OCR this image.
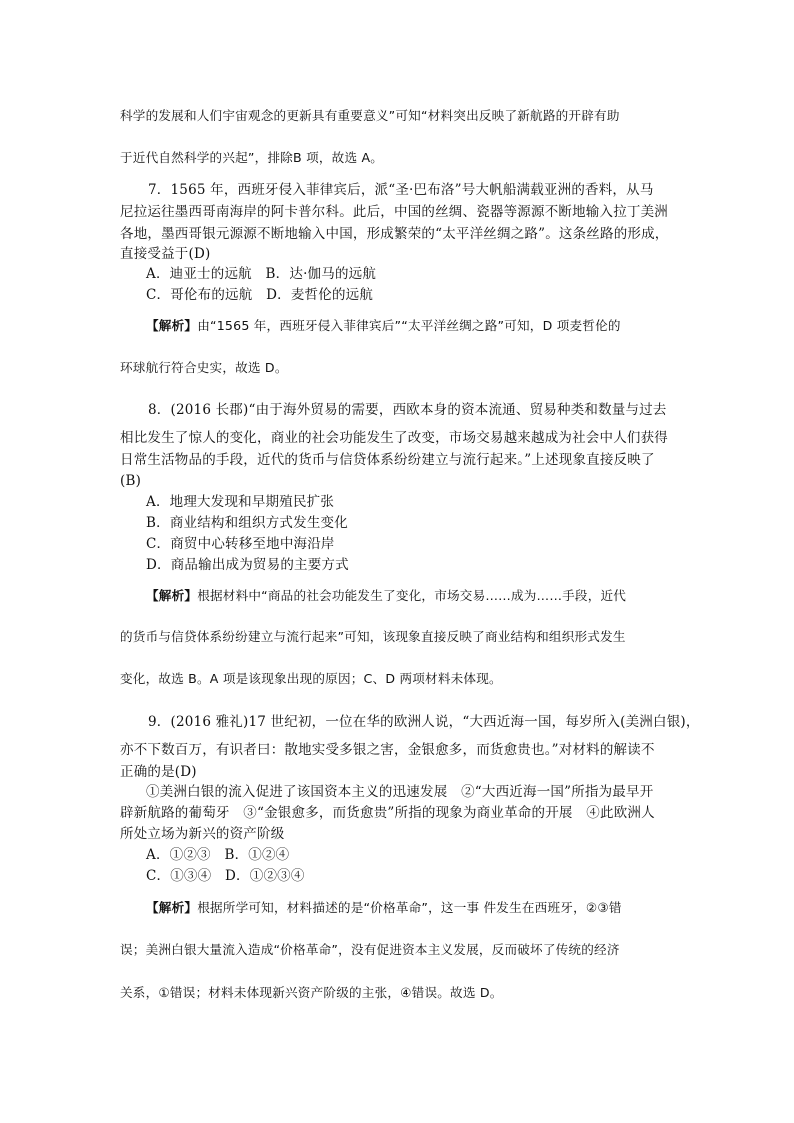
科学的发展和人们宇宙观念的更新具有重要意义”可知“材料突出反映了新航路的开辟有助
于近代自然科学的兴起”，排除B 项，故选 A。
7．1565 年，西班牙侵入菲律宾后，派“圣·巴布洛”号大帆船满载亚洲的香料，从马
尼拉运往墨西哥南海岸的阿卡普尔科。此后，中国的丝绸、瓷器等源源不断地输入拉丁美洲
各地，墨西哥银元源源不断地输入中国，形成繁荣的“太平洋丝绸之路”。这条丝路的形成，
直接受益于(D)
A．迪亚士的远航　B．达·伽马的远航
C．哥伦布的远航　D．麦哲伦的远航
【解析】由“1565 年，西班牙侵入菲律宾后”“太平洋丝绸之路”可知，D 项麦哲伦的
环球航行符合史实，故选 D。
8．(2016 长郡)“由于海外贸易的需要，西欧本身的资本流通、贸易种类和数量与过去
相比发生了惊人的变化，商业的社会功能发生了改变，市场交易越来越成为社会中人们获得
日常生活物品的手段，近代的货币与信贷体系纷纷建立与流行起来。”上述现象直接反映了
(B)
A．地理大发现和早期殖民扩张
B．商业结构和组织方式发生变化
C．商贸中心转移至地中海沿岸
D．商品输出成为贸易的主要方式
【解析】根据材料中“商品的社会功能发生了变化，市场交易……成为……手段，近代
的货币与信贷体系纷纷建立与流行起来”可知，该现象直接反映了商业结构和组织形式发生
变化，故选 B。A 项是该现象出现的原因；C、D 两项材料未体现。
9．(2016 雅礼)17 世纪初，一位在华的欧洲人说，“大西近海一国，每岁所入(美洲白银)，
亦不下数百万，有识者曰：散地实受多银之害，金银愈多，而货愈贵也。”对材料的解读不
正确的是(D)
①美洲白银的流入促进了该国资本主义的迅速发展　②“大西近海一国”所指为最早开
辟新航路的葡萄牙　③“金银愈多，而货愈贵”所指的现象为商业革命的开展　④此欧洲人
所处立场为新兴的资产阶级
A．①②③　B．①②④
C．①③④　D．①②③④
【解析】根据所学可知，材料描述的是“价格革命”，这一事 件发生在西班牙，②③错
误；美洲白银大量流入造成“价格革命”，没有促进资本主义发展，反而破坏了传统的经济
关系，①错误；材料未体现新兴资产阶级的主张，④错误。故选 D。
